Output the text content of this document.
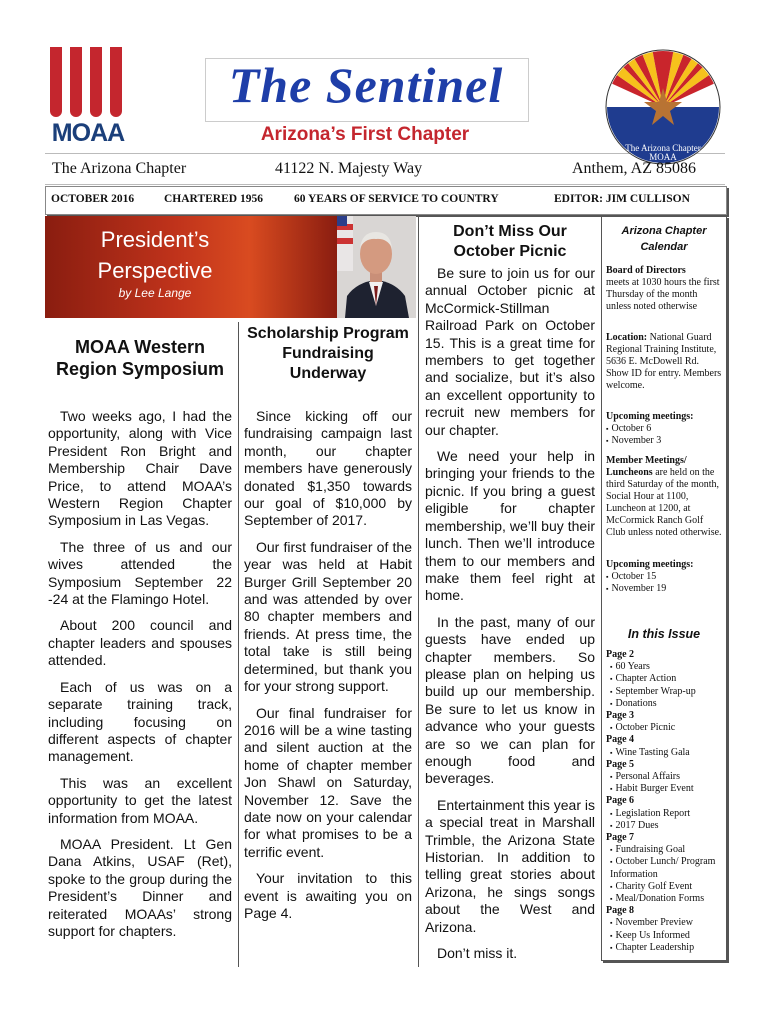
MOAA
The Sentinel
Arizona’s First Chapter
The Arizona Chapter
MOAA
The Arizona Chapter	41122 N. Majesty Way	Anthem, AZ 85086
OCTOBER 2016	CHARTERED 1956	60 YEARS OF SERVICE TO COUNTRY	EDITOR: JIM CULLISON
President’s
Perspective
by Lee Lange
MOAA Western Region Symposium

Two weeks ago, I had the opportunity, along with Vice President Ron Bright and Membership Chair Dave Price, to attend MOAA’s Western Region Chapter Symposium in Las Vegas.

The three of us and our wives attended the Symposium September 22 -24 at the Flamingo Hotel.

About 200 council and chapter leaders and spouses attended.

Each of us was on a separate training track, including focusing on different aspects of chapter management.

This was an excellent opportunity to get the latest information from MOAA.

MOAA President. Lt Gen Dana Atkins, USAF (Ret), spoke to the group during the President’s Dinner and reiterated MOAAs’ strong support for chapters.

Scholarship Program Fundraising Underway

Since kicking off our fundraising campaign last month, our chapter members have generously donated $1,350 towards our goal of $10,000 by September of 2017.

Our first fundraiser of the year was held at Habit Burger Grill September 20 and was attended by over 80 chapter members and friends. At press time, the total take is still being determined, but thank you for your strong support.

Our final fundraiser for 2016 will be a wine tasting and silent auction at the home of chapter member Jon Shawl on Saturday, November 12. Save the date now on your calendar for what promises to be a terrific event.

Your invitation to this event is awaiting you on Page 4.

Don’t Miss Our October Picnic

Be sure to join us for our annual October picnic at McCormick-Stillman Railroad Park on October 15. This is a great time for members to get together and socialize, but it’s also an excellent opportunity to recruit new members for our chapter.

We need your help in bringing your friends to the picnic. If you bring a guest eligible for chapter membership, we’ll buy their lunch. Then we’ll introduce them to our members and make them feel right at home.

In the past, many of our guests have ended up chapter members. So please plan on helping us build up our membership. Be sure to let us know in advance who your guests are so we can plan for enough food and beverages.

Entertainment this year is a special treat in Marshall Trimble, the Arizona State Historian. In addition to telling great stories about Arizona, he sings songs about the West and Arizona.

Don’t miss it.

Arizona Chapter
Calendar
Board of Directors
meets at 1030 hours the first Thursday of the month unless noted otherwise
Location: National Guard Regional Training Institute, 5636 E. McDowell Rd. Show ID for entry. Members welcome.
Upcoming meetings:
▪ October 6
▪ November 3
Member Meetings/ Luncheons are held on the third Saturday of the month, Social Hour at 1100, Luncheon at 1200, at McCormick Ranch Golf Club unless noted otherwise.
Upcoming meetings:
▪ October 15
▪ November 19
In this Issue
Page 2
▪ 60 Years
▪ Chapter Action
▪ September Wrap-up
▪ Donations
Page 3
▪ October Picnic
Page 4
▪ Wine Tasting Gala
Page 5
▪ Personal Affairs
▪ Habit Burger Event
Page 6
▪ Legislation Report
▪ 2017 Dues
Page 7
▪ Fundraising Goal
▪ October Lunch/ Program Information
▪ Charity Golf Event
▪ Meal/Donation Forms
Page 8
▪ November Preview
▪ Keep Us Informed
▪ Chapter Leadership
